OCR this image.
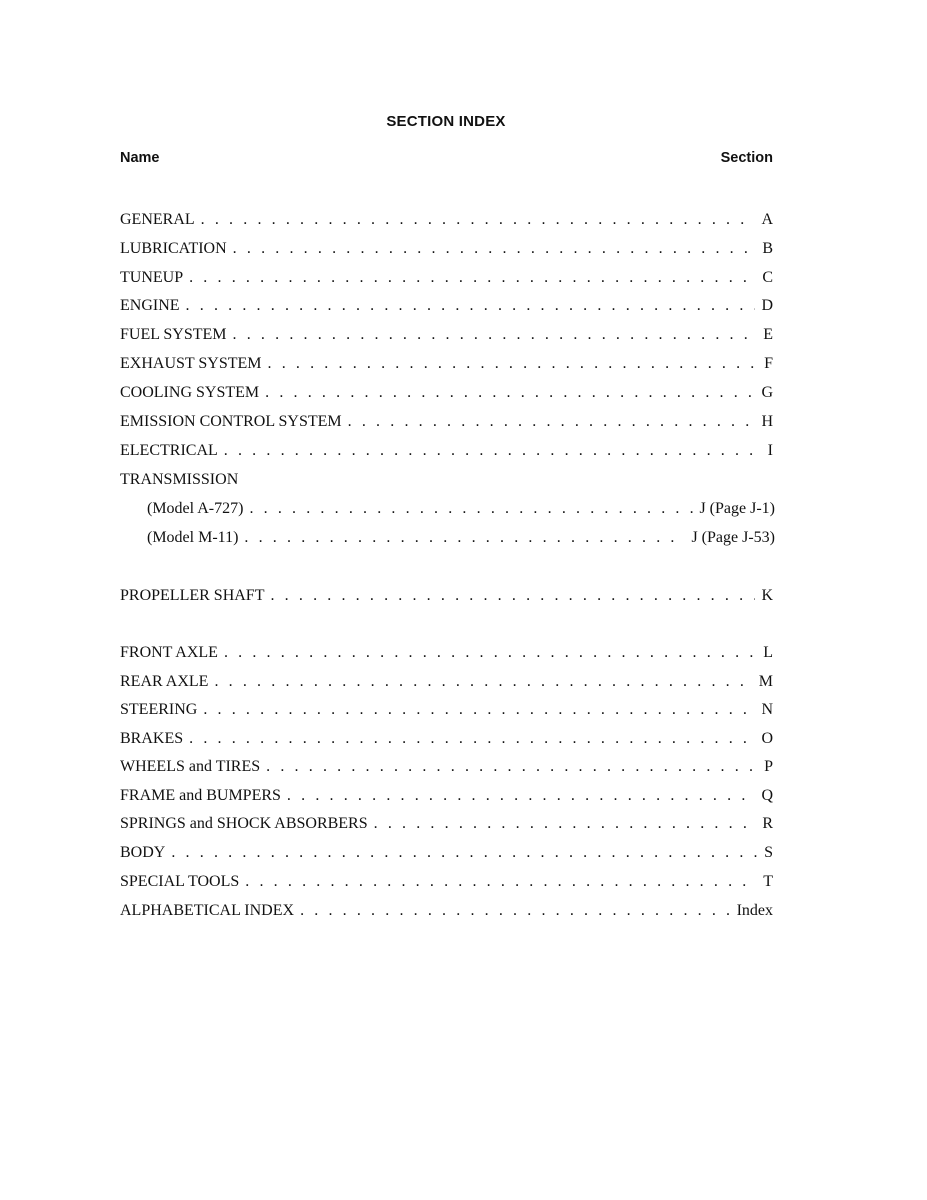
SECTION INDEX
Name	Section
GENERAL . . .	A
LUBRICATION . . .	B
TUNEUP . . .	C
ENGINE . . .	D
FUEL SYSTEM . . .	E
EXHAUST SYSTEM . . .	F
COOLING SYSTEM . . .	G
EMISSION CONTROL SYSTEM . . .	H
ELECTRICAL . . .	I
TRANSMISSION
(Model A-727) . . .	J (Page J-1)
(Model M-11) . . .	J (Page J-53)
PROPELLER SHAFT . . .	K
FRONT AXLE . . .	L
REAR AXLE . . .	M
STEERING . . .	N
BRAKES . . .	O
WHEELS and TIRES . . .	P
FRAME and BUMPERS . . .	Q
SPRINGS and SHOCK ABSORBERS . . .	R
BODY . . .	S
SPECIAL TOOLS . . .	T
ALPHABETICAL INDEX . . .	Index
